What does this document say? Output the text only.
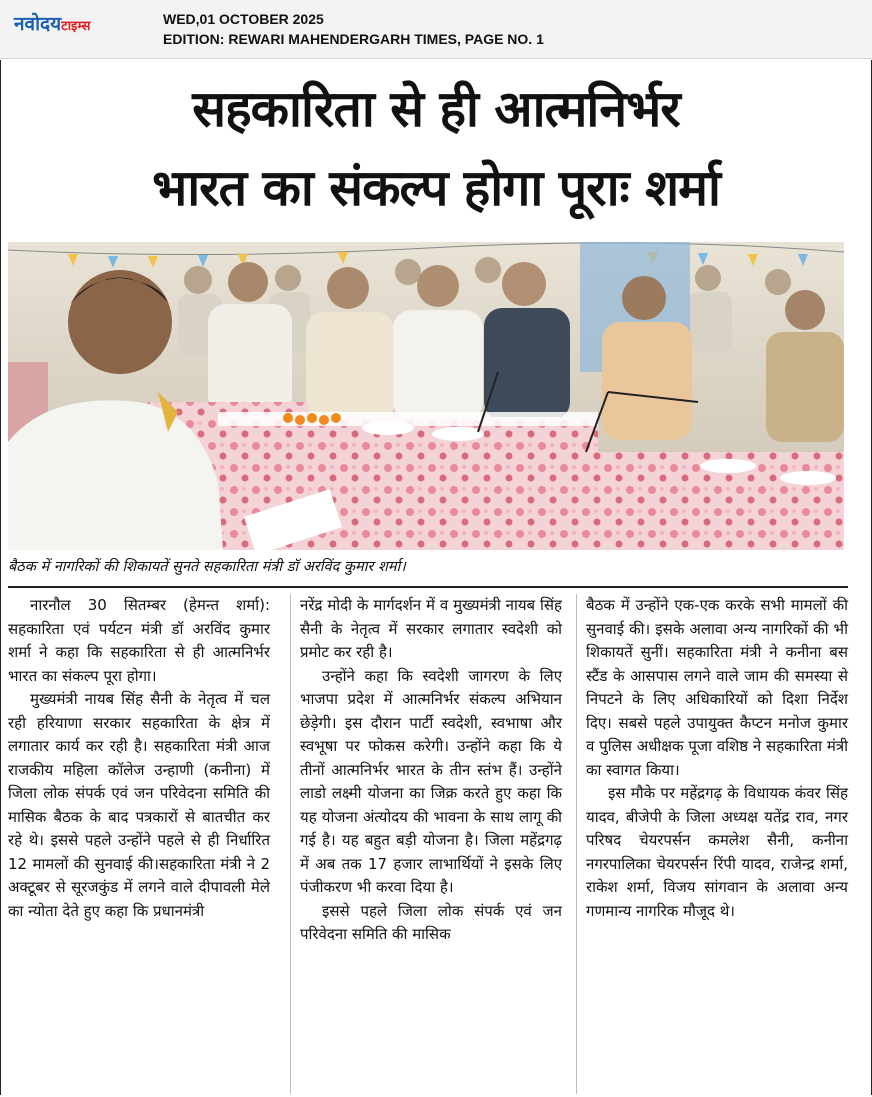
नवोदयटाइम्स	WED,01 OCTOBER 2025
EDITION: REWARI MAHENDERGARH TIMES, PAGE NO. 1
सहकारिता से ही आत्मनिर्भर
भारत का संकल्प होगा पूराः शर्मा
बैठक में नागरिकों की शिकायतें सुनते सहकारिता मंत्री डॉ अरविंद कुमार शर्मा।

नारनौल 30 सितम्बर (हेमन्त शर्मा): सहकारिता एवं पर्यटन मंत्री डॉ अरविंद कुमार शर्मा ने कहा कि सहकारिता से ही आत्मनिर्भर भारत का संकल्प पूरा होगा।

मुख्यमंत्री नायब सिंह सैनी के नेतृत्व में चल रही हरियाणा सरकार सहकारिता के क्षेत्र में लगातार कार्य कर रही है। सहकारिता मंत्री आज राजकीय महिला कॉलेज उन्हाणी (कनीना) में जिला लोक संपर्क एवं जन परिवेदना समिति की मासिक बैठक के बाद पत्रकारों से बातचीत कर रहे थे। इससे पहले उन्होंने पहले से ही निर्धारित 12 मामलों की सुनवाई की।सहकारिता मंत्री ने 2 अक्टूबर से सूरजकुंड में लगने वाले दीपावली मेले का न्योता देते हुए कहा कि प्रधानमंत्री

नरेंद्र मोदी के मार्गदर्शन में व मुख्यमंत्री नायब सिंह सैनी के नेतृत्व में सरकार लगातार स्वदेशी को प्रमोट कर रही है।

उन्होंने कहा कि स्वदेशी जागरण के लिए भाजपा प्रदेश में आत्मनिर्भर संकल्प अभियान छेड़ेगी। इस दौरान पार्टी स्वदेशी, स्वभाषा और स्वभूषा पर फोकस करेगी। उन्होंने कहा कि ये तीनों आत्मनिर्भर भारत के तीन स्तंभ हैं। उन्होंने लाडो लक्ष्मी योजना का जिक्र करते हुए कहा कि यह योजना अंत्योदय की भावना के साथ लागू की गई है। यह बहुत बड़ी योजना है। जिला महेंद्रगढ़ में अब तक 17 हजार लाभार्थियों ने इसके लिए पंजीकरण भी करवा दिया है।

इससे पहले जिला लोक संपर्क एवं जन परिवेदना समिति की मासिक

बैठक में उन्होंने एक-एक करके सभी मामलों की सुनवाई की। इसके अलावा अन्य नागरिकों की भी शिकायतें सुनीं। सहकारिता मंत्री ने कनीना बस स्टैंड के आसपास लगने वाले जाम की समस्या से निपटने के लिए अधिकारियों को दिशा निर्देश दिए। सबसे पहले उपायुक्त कैप्टन मनोज कुमार व पुलिस अधीक्षक पूजा वशिष्ठ ने सहकारिता मंत्री का स्वागत किया।

इस मौके पर महेंद्रगढ़ के विधायक कंवर सिंह यादव, बीजेपी के जिला अध्यक्ष यतेंद्र राव, नगर परिषद चेयरपर्सन कमलेश सैनी, कनीना नगरपालिका चेयरपर्सन रिंपी यादव, राजेन्द्र शर्मा, राकेश शर्मा, विजय सांगवान के अलावा अन्य गणमान्य नागरिक मौजूद थे।
